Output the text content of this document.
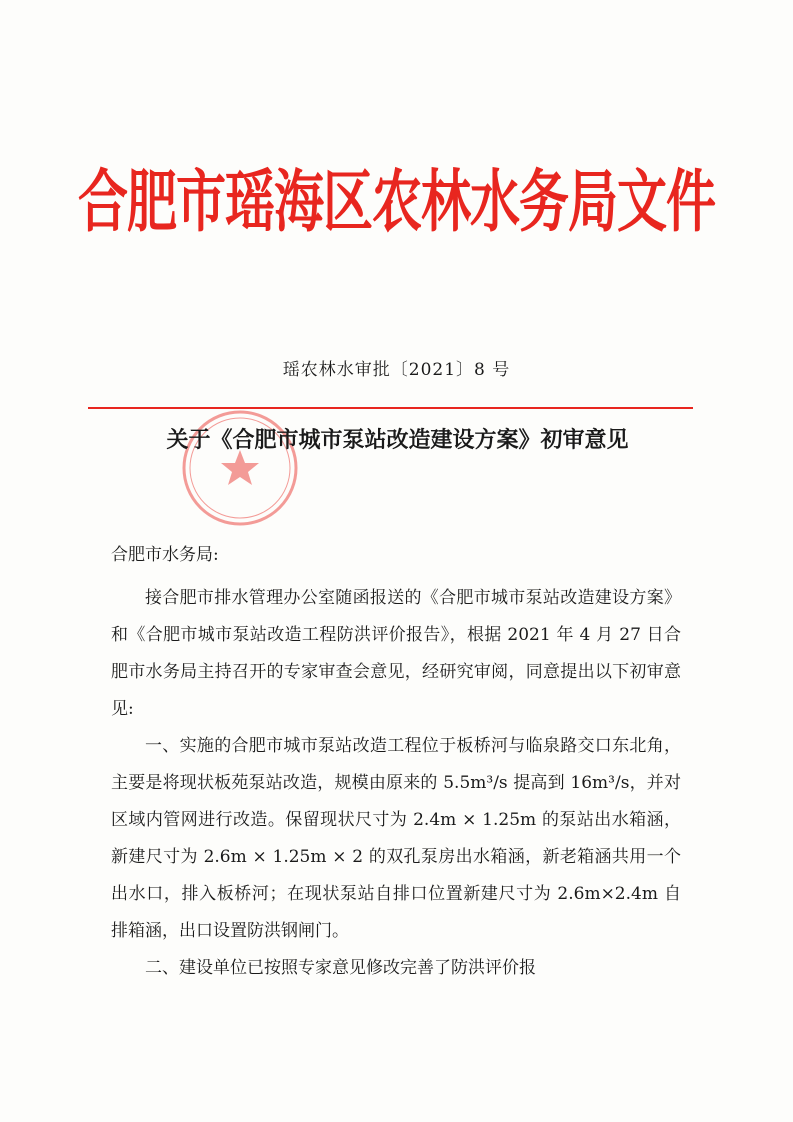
合肥市瑶海区农林水务局文件
瑶农林水审批〔2021〕8 号
关于《合肥市城市泵站改造建设方案》初审意见
合肥市水务局:

接合肥市排水管理办公室随函报送的《合肥市城市泵站改造建设方案》和《合肥市城市泵站改造工程防洪评价报告》，根据 2021 年 4 月 27 日合肥市水务局主持召开的专家审查会意见，经研究审阅，同意提出以下初审意见:

一、实施的合肥市城市泵站改造工程位于板桥河与临泉路交口东北角，主要是将现状板苑泵站改造，规模由原来的 5.5m³/s 提高到 16m³/s，并对区域内管网进行改造。保留现状尺寸为 2.4m × 1.25m 的泵站出水箱涵，新建尺寸为 2.6m × 1.25m × 2 的双孔泵房出水箱涵，新老箱涵共用一个出水口，排入板桥河；在现状泵站自排口位置新建尺寸为 2.6m×2.4m 自排箱涵，出口设置防洪钢闸门。

二、建设单位已按照专家意见修改完善了防洪评价报
